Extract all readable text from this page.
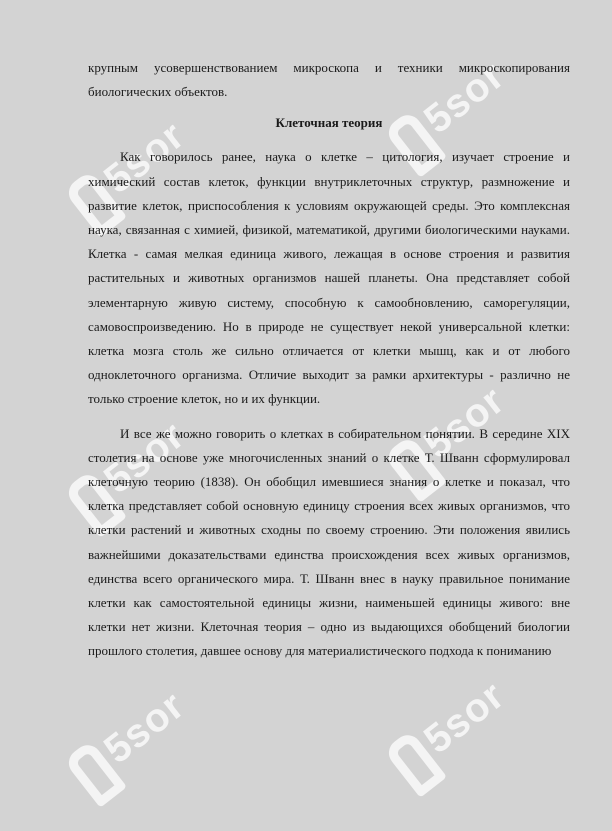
5sor
5sor
5sor	5sor
5sor	5sor

крупным усовершенствованием микроскопа и техники микроскопирования биологических объектов.

Клеточная теория

Как говорилось ранее, наука о клетке – цитология, изучает строение и химический состав клеток, функции внутриклеточных структур, размножение и развитие клеток, приспособления к условиям окружающей среды. Это комплексная наука, связанная с химией, физикой, математикой, другими биологическими науками. Клетка - самая мелкая единица живого, лежащая в основе строения и развития растительных и животных организмов нашей планеты. Она представляет собой элементарную живую систему, способную к самообновлению, саморегуляции, самовоспроизведению. Но в природе не существует некой универсальной клетки: клетка мозга столь же сильно отличается от клетки мышц, как и от любого одноклеточного организма. Отличие выходит за рамки архитектуры - различно не только строение клеток, но и их функции.

И все же можно говорить о клетках в собирательном понятии. В середине XIX столетия на основе уже многочисленных знаний о клетке Т. Шванн сформулировал клеточную теорию (1838). Он обобщил имевшиеся знания о клетке и показал, что клетка представляет собой основную единицу строения всех живых организмов, что клетки растений и животных сходны по своему строению. Эти положения явились важнейшими доказательствами единства происхождения всех живых организмов, единства всего органического мира. Т. Шванн внес в науку правильное понимание клетки как самостоятельной единицы жизни, наименьшей единицы живого: вне клетки нет жизни. Клеточная теория – одно из выдающихся обобщений биологии прошлого столетия, давшее основу для материалистического подхода к пониманию
